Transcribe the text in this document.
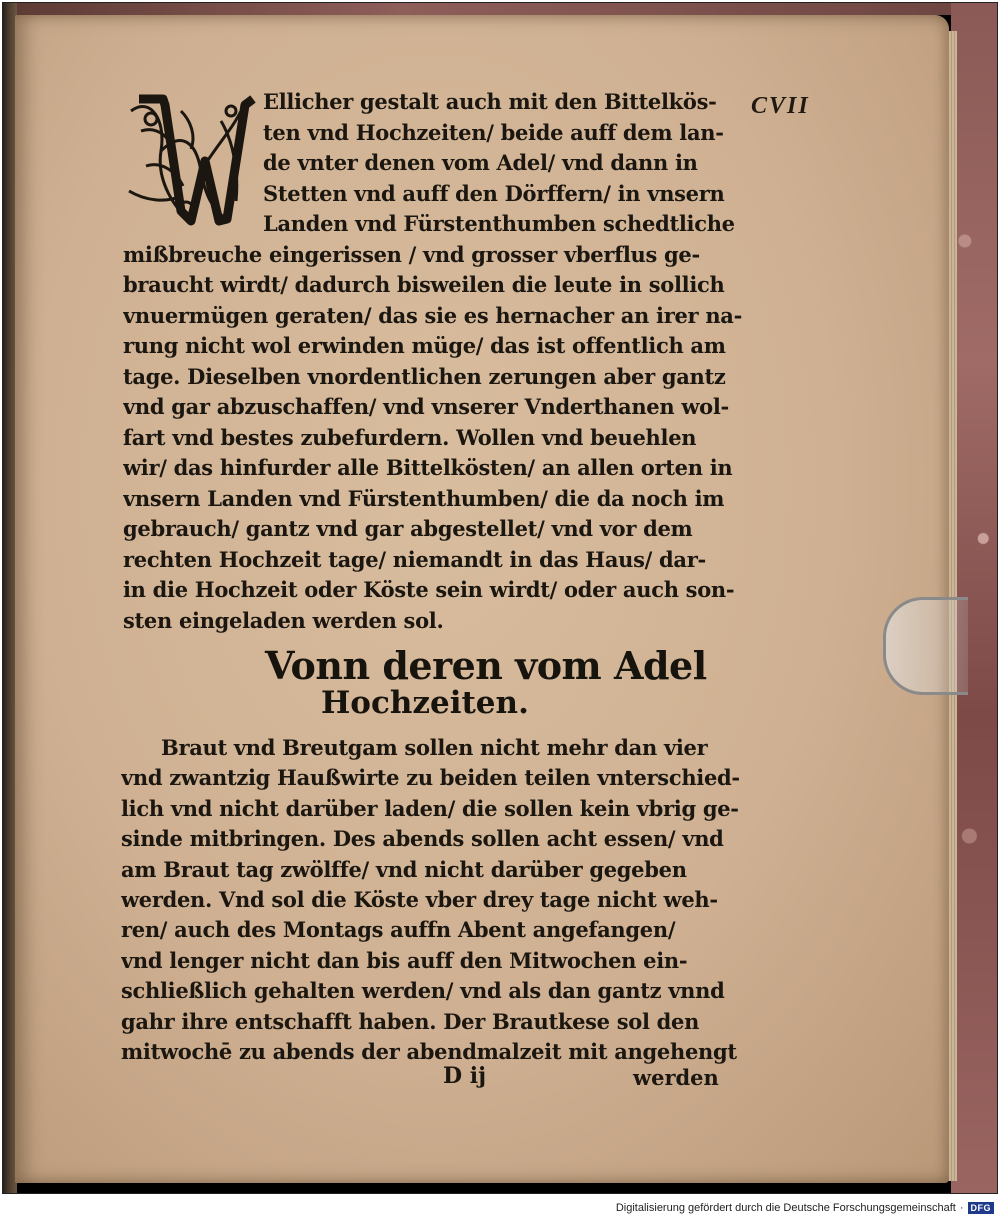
CVII
Ellicher gestalt auch mit den Bittelkös-
ten vnd Hochzeiten/ beide auff dem lan-
de vnter denen vom Adel/ vnd dann in
Stetten vnd auff den Dörffern/ in vnsern
Landen vnd Fürstenthumben schedtliche
mißbreuche eingerissen / vnd grosser vberflus ge-
braucht wirdt/ dadurch bisweilen die leute in sollich
vnuermügen geraten/ das sie es hernacher an irer na-
rung nicht wol erwinden müge/ das ist offentlich am
tage. Dieselben vnordentlichen zerungen aber gantz
vnd gar abzuschaffen/ vnd vnserer Vnderthanen wol-
fart vnd bestes zubefurdern. Wollen vnd beuehlen
wir/ das hinfurder alle Bittelkösten/ an allen orten in
vnsern Landen vnd Fürstenthumben/ die da noch im
gebrauch/ gantz vnd gar abgestellet/ vnd vor dem
rechten Hochzeit tage/ niemandt in das Haus/ dar-
in die Hochzeit oder Köste sein wirdt/ oder auch son-
sten eingeladen werden sol.
Vonn deren vom Adel
Hochzeiten.
Braut vnd Breutgam sollen nicht mehr dan vier
vnd zwantzig Haußwirte zu beiden teilen vnterschied-
lich vnd nicht darüber laden/ die sollen kein vbrig ge-
sinde mitbringen. Des abends sollen acht essen/ vnd
am Braut tag zwölffe/ vnd nicht darüber gegeben
werden. Vnd sol die Köste vber drey tage nicht weh-
ren/ auch des Montags auffn Abent angefangen/
vnd lenger nicht dan bis auff den Mitwochen ein-
schließlich gehalten werden/ vnd als dan gantz vnnd
gahr ihre entschafft haben. Der Brautkese sol den
mitwochē zu abends der abendmalzeit mit angehengt
D ij	werden
Digitalisierung gefördert durch die Deutsche Forschungsgemeinschaft · DFG
